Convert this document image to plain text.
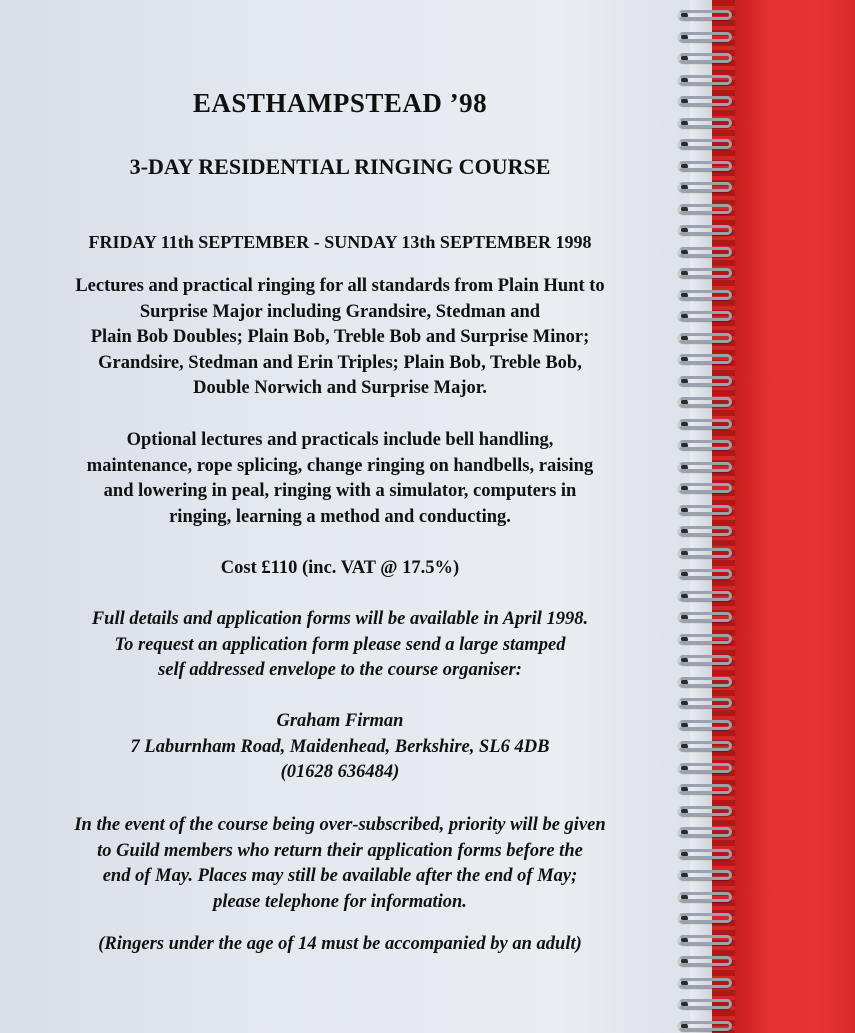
EASTHAMPSTEAD ’98
3-DAY RESIDENTIAL RINGING COURSE

FRIDAY 11th SEPTEMBER - SUNDAY 13th SEPTEMBER 1998

Lectures and practical ringing for all standards from Plain Hunt to
Surprise Major including Grandsire, Stedman and
Plain Bob Doubles; Plain Bob, Treble Bob and Surprise Minor;
Grandsire, Stedman and Erin Triples; Plain Bob, Treble Bob,
Double Norwich and Surprise Major.

Optional lectures and practicals include bell handling,
maintenance, rope splicing, change ringing on handbells, raising
and lowering in peal, ringing with a simulator, computers in
ringing, learning a method and conducting.

Cost £110 (inc. VAT @ 17.5%)

Full details and application forms will be available in April 1998.
To request an application form please send a large stamped
self addressed envelope to the course organiser:

Graham Firman
7 Laburnham Road, Maidenhead, Berkshire, SL6 4DB
(01628 636484)

In the event of the course being over-subscribed, priority will be given
to Guild members who return their application forms before the
end of May. Places may still be available after the end of May;
please telephone for information.

(Ringers under the age of 14 must be accompanied by an adult)
